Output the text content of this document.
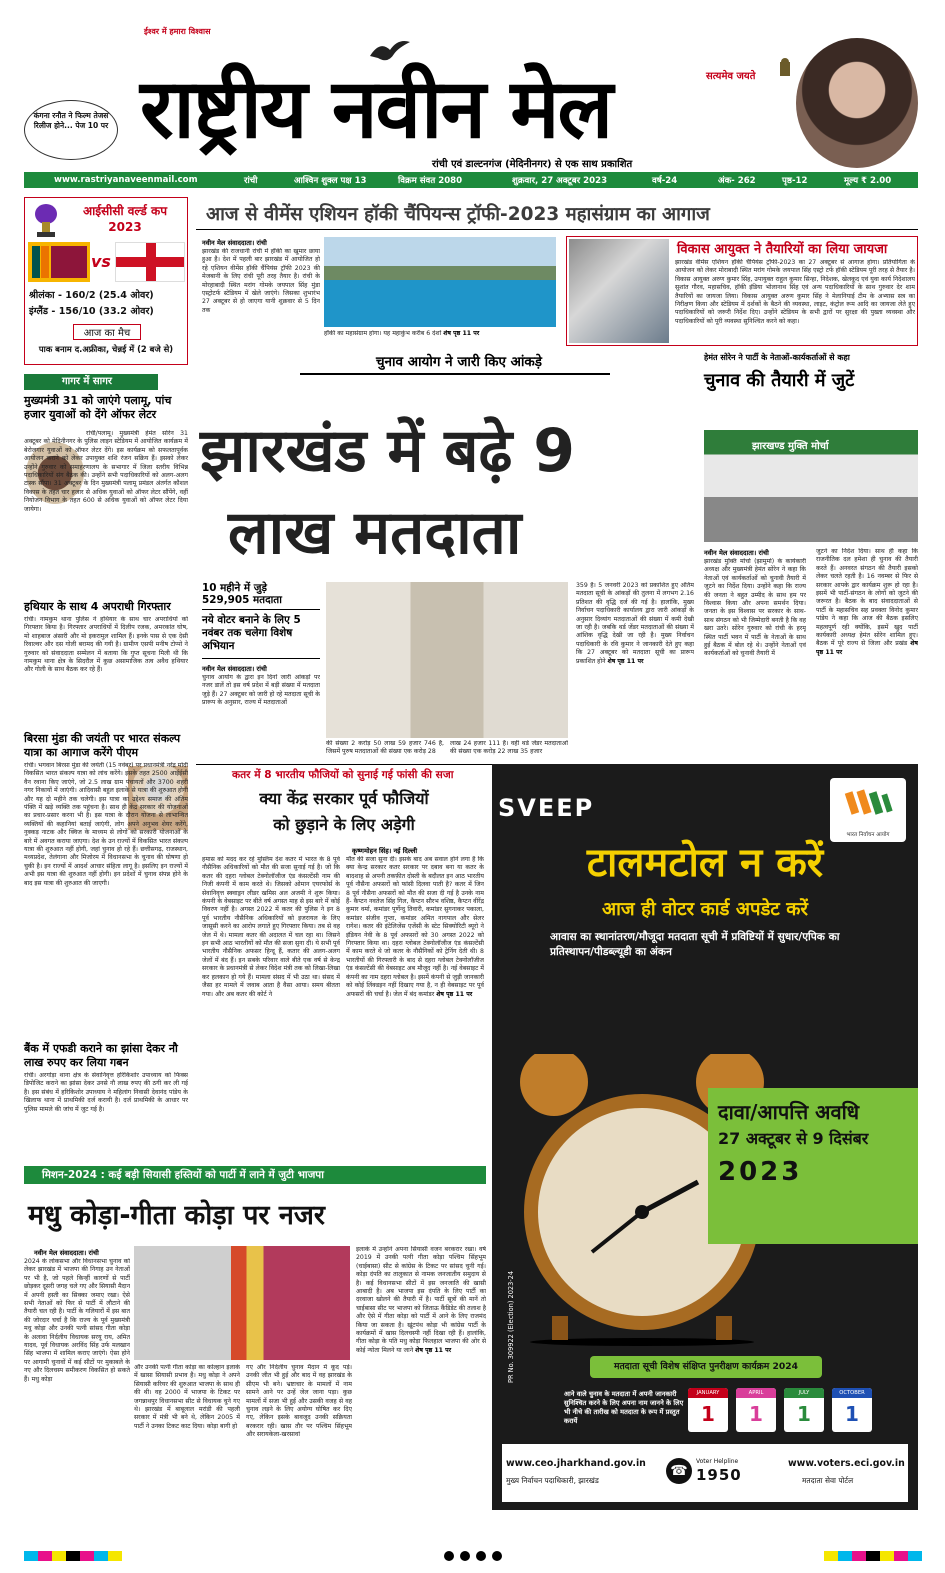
ईश्वर में हमारा विश्वास
राष्ट्रीय नवीन मेल	सत्यमेव जयते
रांची एवं डाल्टनगंज (मेदिनीनगर) से एक साथ प्रकाशित
कंगना रनौत ने फिल्म तेजस रिलीज होने... पेज 10 पर
www.rastriyanaveenmail.com	रांची	आश्विन शुक्ल पक्ष 13	विक्रम संवत 2080	शुक्रवार, 27 अक्टूबर 2023	वर्ष-24	अंक- 262	पृष्ठ-12	मूल्य ₹ 2.00
आईसीसी वर्ल्ड कप 2023
vs
श्रीलंका - 160/2 (25.4 ओवर)
इंग्लैंड - 156/10 (33.2 ओवर)
आज का मैच
पाक बनाम द.अफ्रीका, चेन्नई में (2 बजे से)
आज से वीमेंस एशियन हॉकी चैंपियन्स ट्रॉफी-2023 महासंग्राम का आगाज
नवीन मेल संवाददाता। रांची
झारखंड की राजधानी रांची में हॉकी का खुमार छाया हुआ है। देश में पहली बार झारखंड में आयोजित हो रहे एशियन वीमेंस हॉकी चैंपियंस ट्रॉफी 2023 की मेजबानी के लिए रांची पूरी तरह तैयार है। रांची के मोरहाबादी स्थित मरांग गोमके जयपाल सिंह मुंडा एस्ट्रोटर्फ स्टेडियम में खेले जाएंगे। जिसका शुभारंभ 27 अक्टूबर से हो जाएगा यानी शुक्रवार से 5 दिन तक
हॉकी का महासंग्राम होगा। यह महाकुंभ करीब 6 देशों शेष पृष्ठ 11 पर
विकास आयुक्त ने तैयारियों का लिया जायजा
झारखंड वीमेंस एशियन हॉकी चैंपियंस ट्रॉफी-2023 का 27 अक्टूबर से आगाज होगा। प्रतियोगिता के आयोजन को लेकर मोराबादी स्थित मरांग गोमके जयपाल सिंह एस्ट्रो टर्फ हॉकी स्टेडियम पूरी तरह से तैयार है। विकास आयुक्त अरुण कुमार सिंह, उपायुक्त राहुल कुमार सिन्हा, निदेशक, खेलकूद एवं युवा कार्य निदेशालय सुशांत गौरव, महासचिव, हॉकी इंडिया भोलानाथ सिंह एवं अन्य पदाधिकारियों के साथ गुरुवार देर शाम तैयारियों का जायजा लिया। विकास आयुक्त अरुण कुमार सिंह ने मेलानियाई टीम के अभ्यास सत्र का निरीक्षण किया और स्टेडियम में दर्शकों के बैठने की व्यवस्था, लाइट, कंट्रोल रूम आदि का जायजा लेते हुए पदाधिकारियों को जरूरी निर्देश दिए। उन्होंने स्टेडियम के सभी द्वारों पर सुरक्षा की पुख्ता व्यवस्था और पदाधिकारियों को पूरी व्यवस्था सुनिश्चित करने को कहा।
गागर में सागर
मुख्यमंत्री 31 को जाएंगे पलामू, पांच हजार युवाओं को देंगे ऑफर लेटर
रांची/पलामू। मुख्यमंत्री हेमंत सोरेन 31 अक्टूबर को मेदिनीनगर के पुलिस लाइन स्टेडियम में आयोजित कार्यक्रम में बेरोजगार युवाओं को ऑफर लेटर देंगे। इस कार्यक्रम को सफलतापूर्वक आयोजन कराने को लेकर उपायुक्त शशि रंजन सक्रिय हैं। इसको लेकर उन्होंने गुरुवार को समाहरणालय के सभागार में जिला स्तरीय विभिन्न पदाधिकारियों संग बैठक की। उन्होंने सभी पदाधिकारियों को अलग-अलग टास्क सौंपा। 31 अक्टूबर के दिन मुख्यमंत्री पलामू प्रमंडल अंतर्गत कौशल विकास के तहत चार हजार से अधिक युवाओं को ऑफर लेटर सौंपेंगे, वहीं नियोजन विभाग के तहत 600 से अधिक युवाओं को ऑफर लेटर दिया जायेगा।
हथियार के साथ 4 अपराधी गिरफ्तार
रांची। नामकुम थाना पुलिस ने हथियार के साथ चार अपराधियों को गिरफ्तार किया है। गिरफ्तार अपराधियों में दिलीप रजक, अमरकांत घोष, मो शाहबाज अंसारी और मो इकरामुल शामिल हैं। इनके पास से एक देसी रिवाल्वर और दस गोली बरामद की गयी है। ग्रामीण एसपी मनीष टोप्पो ने गुरुवार को संवाददाता सम्मेलन में बताया कि गुप्त सूचना मिली थी कि नामकुम थाना क्षेत्र के सिदरौल में कुछ असामाजिक तत्व अवैध हथियार और गोली के साथ बैठक कर रहे हैं।
बिरसा मुंडा की जयंती पर भारत संकल्प यात्रा का आगाज करेंगे पीएम
रांची। भगवान बिरसा मुंडा की जयंती (15 नवंबर) पर प्रधानमंत्री नरेंद्र मोदी विकसित भारत संकल्प यात्रा को लांच करेंगे। इसके तहत 2500 आईईसी वैन रवाना किए जाएंगे, जो 2.5 लाख ग्राम पंचायतों और 3700 शहरी नगर निकायों में जाएंगी। आदिवासी बहुल इलाके से यात्रा की शुरुआत होगी और यह दो महीने तक चलेगी। इस यात्रा का उद्देश्य समाज की अंतिम पंक्ति में खड़े व्यक्ति तक पहुंचना है। साथ ही केंद्र सरकार की योजनाओं का प्रचार-प्रसार करना भी है। इस यात्रा के दौरान योजना से लाभान्वित व्यक्तियों की कहानियां बताई जाएंगी, लोग अपने अनुभव शेयर करेंगे, नुक्कड़ नाटक और क्विज के माध्यम से लोगों को सरकारी योजनाओं के बारे में अवगत कराया जाएगा। देश के उन राज्यों में विकसित भारत संकल्प यात्रा की शुरुआत नहीं होगी, जहां चुनाव हो रहे हैं। छत्तीसगढ़, राजस्थान, मध्यप्रदेश, तेलंगाना और मिजोरम में विधानसभा के चुनाव की घोषणा हो चुकी है। इन राज्यों में आदर्श आचार संहिता लागू है। इसलिए इन राज्यों में अभी इस यात्रा की शुरुआत नहीं होगी। इन प्रदेशों में चुनाव संपन्न होने के बाद इस यात्रा की शुरुआत की जाएगी।
बैंक में एफडी कराने का झांसा देकर नौ लाख रुपए कर लिया गबन
रांची। अरगोड़ा थाना क्षेत्र के सेवानिवृत्त हरिकिशोर उपाध्याय को फिक्स डिपोजिट कराने का झांसा देकर उनसे नौ लाख रुपए की ठगी कर ली गई है। इस संबंध में हरिकिशोर उपाध्याय ने महिलांग निवासी देवानंद पांडेय के खिलाफ थाना में प्राथमिकी दर्ज करायी है। दर्ज प्राथमिकी के आधार पर पुलिस मामले की जांच में जुट गई है।
चुनाव आयोग ने जारी किए आंकड़े
झारखंड में बढ़े 9
लाख मतदाता
10 महीने में जुड़े
529,905 मतदाता
नये वोटर बनाने के लिए 5 नवंबर तक चलेगा विशेष अभियान
नवीन मेल संवाददाता। रांची
चुनाव आयोग के द्वारा इन दिनों जारी आंकड़ों पर नजर डालें तो इस वर्ष प्रदेश में बड़ी संख्या में मतदाता जुड़े हैं। 27 अक्टूबर को जारी हो रहे मतदाता सूची के प्रारूप के अनुसार, राज्य में मतदाताओं
की संख्या 2 करोड़ 50 लाख 59 हजार 746 है, जिसमें पुरुष मतदाताओं की संख्या एक करोड़ 28
लाख 24 हजार 111 है। वहीं थर्ड जेंडर मतदाताओं की संख्या एक करोड़ 22 लाख 35 हजार
359 है। 5 जनवरी 2023 को प्रकाशित हुए अंतिम मतदाता सूची के आंकड़ों की तुलना में लगभग 2.16 प्रतिशत की वृद्धि दर्ज की गई है। हालांकि, मुख्य निर्वाचन पदाधिकारी कार्यालय द्वारा जारी आंकड़ों के अनुसार दिव्यांग मतदाताओं की संख्या में कमी देखी जा रही है। जबकि थर्ड जेंडर मतदाताओं की संख्या में आंशिक वृद्धि देखी जा रही है। मुख्य निर्वाचन पदाधिकारी के रवि कुमार ने जानकारी देते हुए कहा कि 27 अक्टूबर को मतदाता सूची का प्रारूप प्रकाशित होने शेष पृष्ठ 11 पर
हेमंत सोरेन ने पार्टी के नेताओं-कार्यकर्ताओं से कहा
चुनाव की तैयारी में जुटें
झारखण्ड मुक्ति मोर्चा
नवीन मेल संवाददाता। रांची
झारखंड मुक्ति मोर्चा (झामुमो) के कार्यकारी अध्यक्ष और मुख्यमंत्री हेमंत सोरेन ने कहा कि नेताओं एवं कार्यकर्ताओं को चुनावी तैयारी में जुटने का निर्देश दिया। उन्होंने कहा कि राज्य की जनता ने बहुत उम्मीद के साथ हम पर विश्वास किया और अपना समर्थन दिया। जनता के इस विश्वास पर सरकार के साथ-साथ संगठन को भी जिम्मेदारी बनती है कि वह खरा उतरे। सोरेन गुरुवार को रांची के हरमू स्थित पार्टी भवन में पार्टी के नेताओं के साथ हुई बैठक में बोल रहे थे। उन्होंने नेताओं एवं कार्यकर्ताओं को चुनावी तैयारी में
जुटने का निर्देश दिया। साथ ही कहा कि राजनीतिक दल हमेशा ही चुनाव की तैयारी करते हैं। अनवरत संगठन की तैयारी इसको लेकर चलते रहती है। 16 नवम्बर से फिर से सरकार आपके द्वार कार्यक्रम शुरू हो रहा है। इसमें भी पार्टी-संगठन के लोगों को जुटने की जरूरत है। बैठक के बाद संवाददाताओं से पार्टी के महासचिव सह प्रवक्ता विनोद कुमार पांडेय ने कहा कि आज की बैठक इसलिए महत्वपूर्ण रही क्योंकि, इसमें खुद पार्टी कार्यकारी अध्यक्ष हेमंत सोरेन शामिल हुए। बैठक में पूरे राज्य से जिला और प्रखंड शेष पृष्ठ 11 पर
कतर में 8 भारतीय फौजियों को सुनाई गई फांसी की सजा
क्या केंद्र सरकार पूर्व फौजियों
को छुड़ाने के लिए अड़ेगी
कृष्णमोहन सिंह। नई दिल्ली
हमास को मदद कर रहे मुस्लिम देश कतर में भारत के 8 पूर्व नौसैनिक अधिकारियों को मौत की सजा सुनाई गई है। जो कि कतर की दहरा ग्लोबल टेक्नोलॉजीज एंड कंसल्टेंसी नाम की निजी कंपनी में काम करते थे। जिसको ओमान एयरफोर्स के सेवानिवृत्त स्क्वाड्रन लीडर खमिस अल अजमी ने शुरू किया। कंपनी के वेबसाइट पर बीते वर्ष अगस्त माह से इस बारे में कोई विवरण नहीं है। अगस्त 2022 में कतर की पुलिस ने इन 8 पूर्व भारतीय नौसैनिक अधिकारियों को इजरायल के लिए जासूसी करने का आरोप लगाते हुए गिरफ्तार किया। तब से वह जेल में थे। मामला कतर की अदालत में चल रहा था। जिसने इन सभी आठ भारतीयों को मौत की सजा सुना दी। ये सभी पूर्व भारतीय नौसैनिक अफसर हिन्दू हैं, कतार की अलग-अलग जेलों में बंद हैं। इन सबके परिवार वाले बीते एक वर्ष से केन्द्र सरकार के प्रधानमंत्री से लेकर विदेश मंत्री तक को लिखा-लिखा कर हलकान हो गये हैं। मामला संसद में भी उठा था। संसद में जैसा हर मामले में जवाब आता है वैसा आया। समय बीतता गया। और अब कतर की कोर्ट ने
मौत की सजा सुना दी। इसके बाद अब सवाल होने लगा है कि क्या केन्द्र सरकार कतर सरकार पर दबाव बना या कतर के बादशाह से अपनी तकफ़ीत दोस्ती के बदौलत इन आठ भारतीय पूर्व नौसैना अफसरों को फांसी दिलवा पाती है? कतर में जिन 8 पूर्व नौसैना अफसरों को मौत की सजा दी गई है उनके नाम हैं- कैप्टन नवतेज सिंह गिल, कैप्टन सौरभ वशिष्ठ, कैप्टन वीरेंद्र कुमार वर्मा, कमांडर पूर्णेन्दु तिवारी, कमांडर सुगनाकर पकाला, कमांडर संजीव गुप्ता, कमांडर अमित नागपाल और सेलर रागेश। कतर की इंटेलिजेंस एजेंसी के स्टेट सिक्योरिटी ब्यूरो ने इंडियन नेवी के 8 पूर्व अफसरों को 30 अगस्त 2022 को गिरफ्तार किया था। दहरा ग्लोबल टेक्नोलॉजीज एंड कंसल्टेंसी में काम करते थे जो कतर के नौसैनिकों को ट्रेनिंग देती थी। 8 भारतीयों की गिरफ्तारी के बाद से दहरा ग्लोबल टेक्नोलॉजीज एंड कंसल्टेंसी की वेबसाइट अब मौजूद नहीं है। नई वेबसाइट में कंपनी का नाम दहरा ग्लोबल है। इसमें कंपनी से जुड़ी जानकारी को कोई लिंक्डइन नहीं दिखाए गया है, न ही वेबसाइट पर पूर्व अफसरों की चर्चा है। जेल में बंद कमांडर शेष पृष्ठ 11 पर
SVEEP
भारत निर्वाचन आयोग
टालमटोल न करें
आज ही वोटर कार्ड अपडेट करें
आवास का स्थानांतरण/मौजूदा मतदाता सूची में प्रविष्टियों में सुधार/एपिक का प्रतिस्थापन/पीडब्ल्यूडी का अंकन
दावा/आपत्ति अवधि
27 अक्टूबर से 9 दिसंबर
2023
मतदाता सूची विशेष संक्षिप्त पुनरीक्षण कार्यक्रम 2024
आने वाले चुनाव के मतदाता में अपनी जानकारी सुनिश्चित करने के लिए अपना नाम जानने के लिए भी नीचे की तारीख को मतदाता के रूप में प्रस्तुत करायें
JANUARY
1
APRIL
1
JULY
1
OCTOBER
1
PR No. 309922 (Election) 2023-24
www.ceo.jharkhand.gov.in
मुख्य निर्वाचन पदाधिकारी, झारखंड
☎
Voter Helpline
1950
www.voters.eci.gov.in
मतदाता सेवा पोर्टल
मिशन-2024 : कई बड़ी सियासी हस्तियों को पार्टी में लाने में जुटी भाजपा
मधु कोड़ा-गीता कोड़ा पर नजर
नवीन मेल संवाददाता। रांची
2024 के लोकसभा और विधानसभा चुनाव को लेकर झारखंड में भाजपा की निगाह उन नेताओं पर भी है, जो पहले किन्हीं कारणों से पार्टी छोड़कर दूसरी जगह चले गए और सियासी मैदान में अपनी हस्ती का सिक्का जमाए रखा। ऐसे सभी नेताओं को फिर से पार्टी में लौटाने की तैयारी चल रही है। पार्टी के गलियारों में इस बात की जोरदार चर्चा है कि राज्य के पूर्व मुख्यमंत्री मधु कोड़ा और उनकी पत्नी सांसद गीता कोड़ा के अलावा निर्दलीय विधायक सरयू राय, अमित यादव, पूर्व विधायक अरविंद सिंह उर्फ मलखान सिंह भाजपा में शामिल कराए जाएंगे। ऐसा होने पर आगामी चुनावों में कई सीटों पर मुकाबले के नए और दिलचस्प समीकरण विकसित हो सकते हैं। मधु कोड़ा
और उनकी पत्नी गीता कोड़ा का कोल्हान इलाके में खासा सियासी प्रभाव है। मधु कोड़ा ने अपने सियासी करियर की शुरुआत भाजपा के साथ ही की थी। वह 2000 में भाजपा के टिकट पर जगन्नाथपुर विधानसभा सीट से विधायक चुने गए थे। झारखंड में बाबूलाल मरांडी की पहली सरकार में मंत्री भी बने थे, लेकिन 2005 में पार्टी ने उनका टिकट काट दिया। कोड़ा बागी हो
गए और निर्दलीय चुनाव मैदान में कूद पड़े। उनकी जीत भी हुई और बाद में वह झारखंड के सीएम भी बने। भ्रष्टाचार के मामलों में नाम सामने आने पर उन्हें जेल जाना पड़ा। कुछ मामलों में सजा भी हुई और उसकी वजह से वह चुनाव लड़ने के लिए अयोग्य घोषित कर दिए गए, लेकिन इसके बावजूद उनकी सक्रियता बरकरार रही। खास तौर पर पश्चिम सिंहभूम और सरायकेला-खरसावां
इलाके में उन्होंने अपना सियासी वजन बरकरार रखा। वर्ष 2019 में उनकी पत्नी गीता कोड़ा पश्चिम सिंहभूम (चाईबासा) सीट से कांग्रेस के टिकट पर सांसद चुनी गई। कोड़ा दंपति का तालुकात से नामक जनजातीय समुदाय से है। कई विधानसभा सीटों में इस जनजाति की खासी आबादी है। अब भाजपा इस दंपति के लिए पार्टी का दरवाजा खोलने की तैयारी में है। पार्टी सूत्रों की मानें तो चाईबासा सीट पर भाजपा को जिताऊ कैंडिडेट की तलाश है और ऐसे में गीता कोड़ा को पार्टी में आने के लिए राजमंद किया जा सकता है। खूंटपंथ कोड़ा भी कांग्रेस पार्टी के कार्यक्रमों में खास दिलचस्पी नहीं दिखा रही हैं। हालांकि, गीता कोड़ा के पति मधु कोड़ा फिलहाल भाजपा की ओर से कोई न्योता मिलने या जाने शेष पृष्ठ 11 पर
